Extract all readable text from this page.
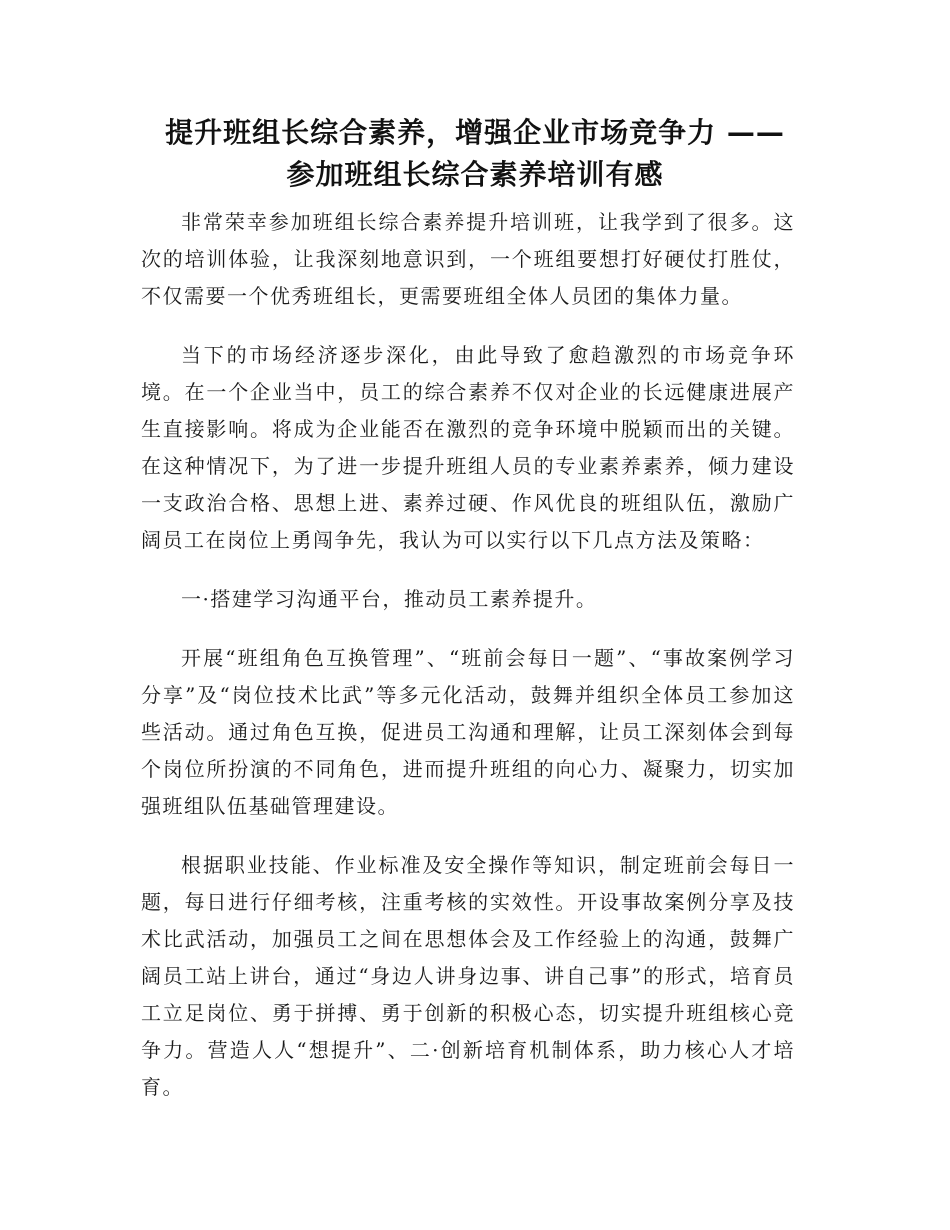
提升班组长综合素养，增强企业市场竞争力 ——
参加班组长综合素养培训有感

非常荣幸参加班组长综合素养提升培训班，让我学到了很多。这次的培训体验，让我深刻地意识到，一个班组要想打好硬仗打胜仗，不仅需要一个优秀班组长，更需要班组全体人员团的集体力量。

当下的市场经济逐步深化，由此导致了愈趋激烈的市场竞争环境。在一个企业当中，员工的综合素养不仅对企业的长远健康进展产生直接影响。将成为企业能否在激烈的竞争环境中脱颖而出的关键。在这种情况下，为了进一步提升班组人员的专业素养素养，倾力建设一支政治合格、思想上进、素养过硬、作风优良的班组队伍，激励广阔员工在岗位上勇闯争先，我认为可以实行以下几点方法及策略：

一·搭建学习沟通平台，推动员工素养提升。

开展“班组角色互换管理”、“班前会每日一题”、“事故案例学习分享”及“岗位技术比武”等多元化活动，鼓舞并组织全体员工参加这些活动。通过角色互换，促进员工沟通和理解，让员工深刻体会到每个岗位所扮演的不同角色，进而提升班组的向心力、凝聚力，切实加强班组队伍基础管理建设。

根据职业技能、作业标准及安全操作等知识，制定班前会每日一题，每日进行仔细考核，注重考核的实效性。开设事故案例分享及技术比武活动，加强员工之间在思想体会及工作经验上的沟通，鼓舞广阔员工站上讲台，通过“身边人讲身边事、讲自己事”的形式，培育员工立足岗位、勇于拼搏、勇于创新的积极心态，切实提升班组核心竞争力。营造人人“想提升”、二·创新培育机制体系，助力核心人才培育。
